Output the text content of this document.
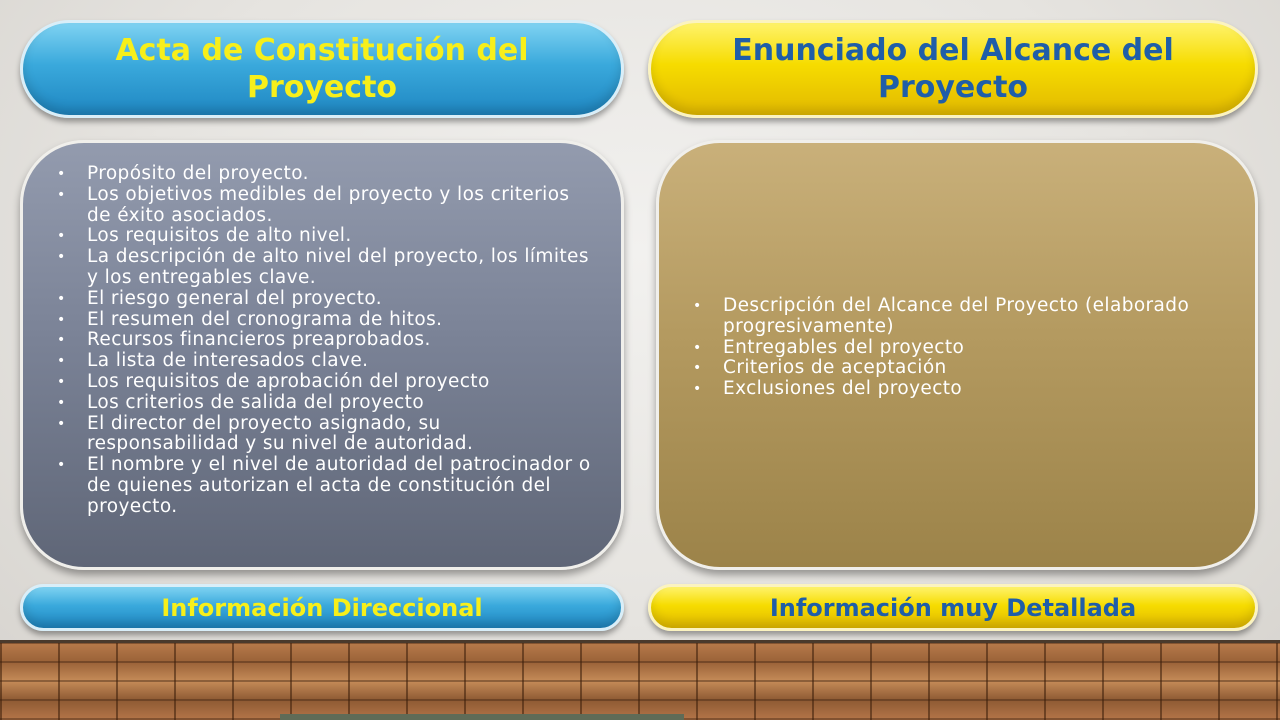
Acta de Constitución del Proyecto
• Propósito del proyecto.
• Los objetivos medibles del proyecto y los criterios de éxito asociados.
• Los requisitos de alto nivel.
• La descripción de alto nivel del proyecto, los límites y los entregables clave.
• El riesgo general del proyecto.
• El resumen del cronograma de hitos.
• Recursos financieros preaprobados.
• La lista de interesados clave.
• Los requisitos de aprobación del proyecto
• Los criterios de salida del proyecto
• El director del proyecto asignado, su responsabilidad y su nivel de autoridad.
• El nombre y el nivel de autoridad del patrocinador o de quienes autorizan el acta de constitución del proyecto.
Información Direccional
Enunciado del Alcance del Proyecto
• Descripción del Alcance del Proyecto (elaborado progresivamente)
• Entregables del proyecto
• Criterios de aceptación
• Exclusiones del proyecto
Información muy Detallada
